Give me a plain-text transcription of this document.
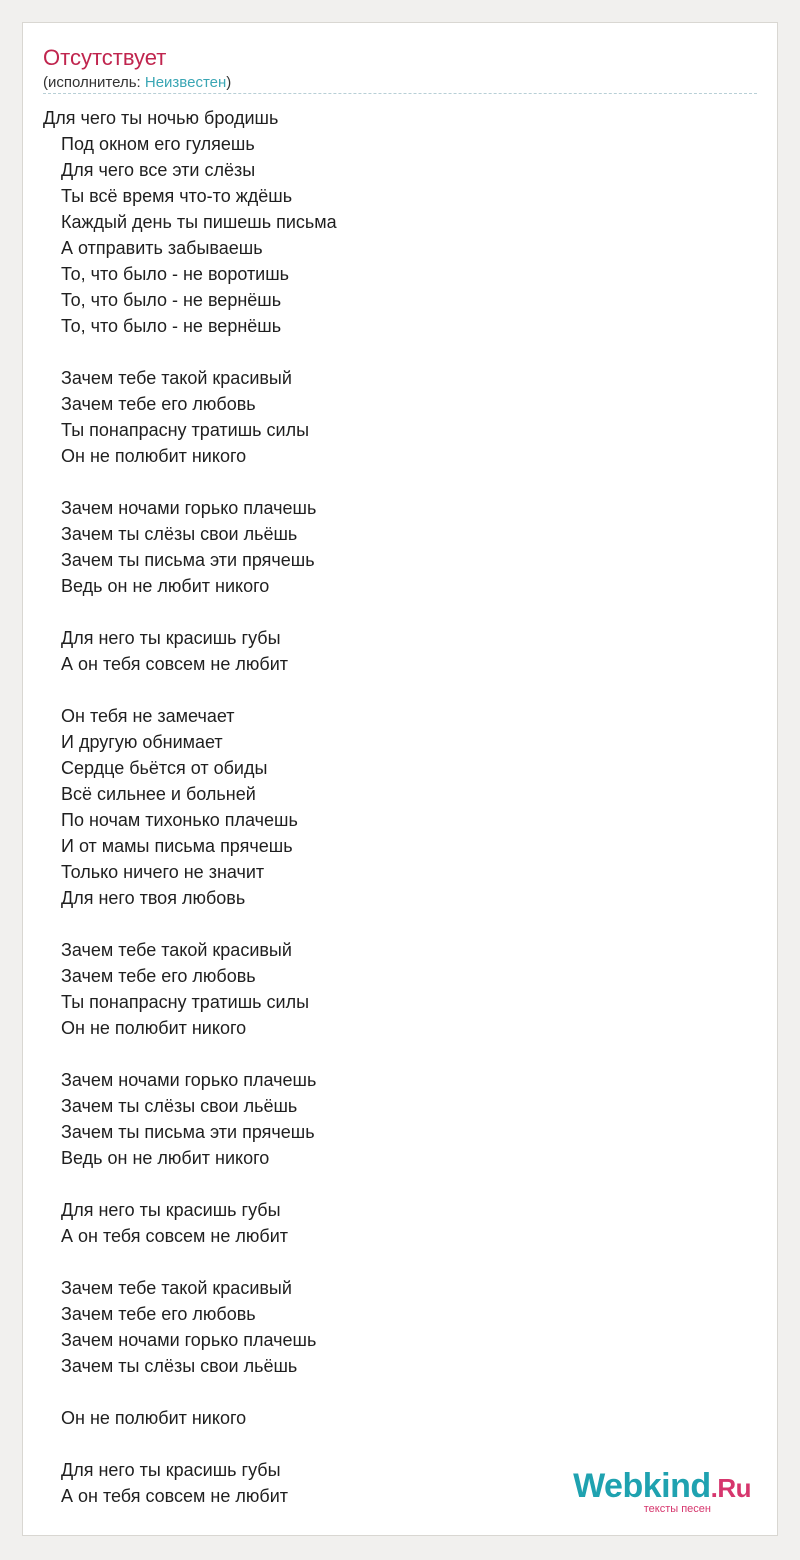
Отсутствует
(исполнитель: Неизвестен)
Для чего ты ночью бродишь
Под окном его гуляешь
Для чего все эти слёзы
Ты всё время что-то ждёшь
Каждый день ты пишешь письма
А отправить забываешь
То, что было - не воротишь
То, что было - не вернёшь
То, что было - не вернёшь
Зачем тебе такой красивый
Зачем тебе его любовь
Ты понапрасну тратишь силы
Он не полюбит никого
Зачем ночами горько плачешь
Зачем ты слёзы свои льёшь
Зачем ты письма эти прячешь
Ведь он не любит никого
Для него ты красишь губы
А он тебя совсем не любит
Он тебя не замечает
И другую обнимает
Сердце бьётся от обиды
Всё сильнее и больней
По ночам тихонько плачешь
И от мамы письма прячешь
Только ничего не значит
Для него твоя любовь
Зачем тебе такой красивый
Зачем тебе его любовь
Ты понапрасну тратишь силы
Он не полюбит никого
Зачем ночами горько плачешь
Зачем ты слёзы свои льёшь
Зачем ты письма эти прячешь
Ведь он не любит никого
Для него ты красишь губы
А он тебя совсем не любит
Зачем тебе такой красивый
Зачем тебе его любовь
Зачем ночами горько плачешь
Зачем ты слёзы свои льёшь
Он не полюбит никого
Для него ты красишь губы
А он тебя совсем не любит	Webkind.Ru
тексты песен
